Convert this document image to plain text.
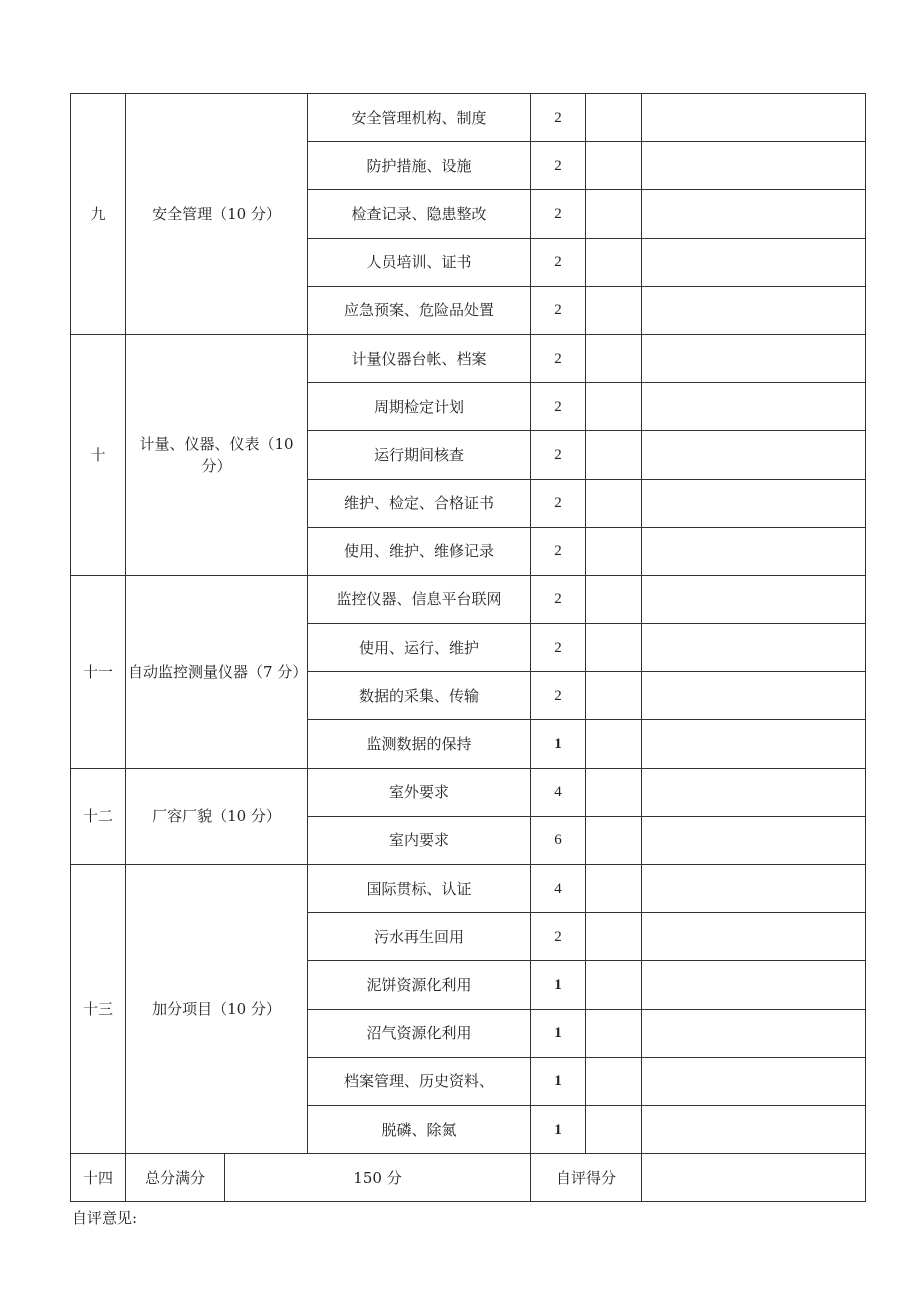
九	安全管理（10 分）		安全管理机构、制度	2		
			防护措施、设施	2		
			检查记录、隐患整改	2		
			人员培训、证书	2		
			应急预案、危险品处置	2		
十	计量、仪器、仪表（10 分）		计量仪器台帐、档案	2		
			周期检定计划	2		
			运行期间核查	2		
			维护、检定、合格证书	2		
			使用、维护、维修记录	2		
十一	自动监控测量仪器（7 分）		监控仪器、信息平台联网	2		
			使用、运行、维护	2		
			数据的采集、传输	2		
			监测数据的保持	1		
十二	厂容厂貌（10 分）		室外要求	4		
			室内要求	6		
十三	加分项目（10 分）		国际贯标、认证	4		
			污水再生回用	2		
			泥饼资源化利用	1		
			沼气资源化利用	1		
			档案管理、历史资料、	1		
			脱磷、除氮	1		
十四	总分满分	150 分		自评得分		
自评意见:
